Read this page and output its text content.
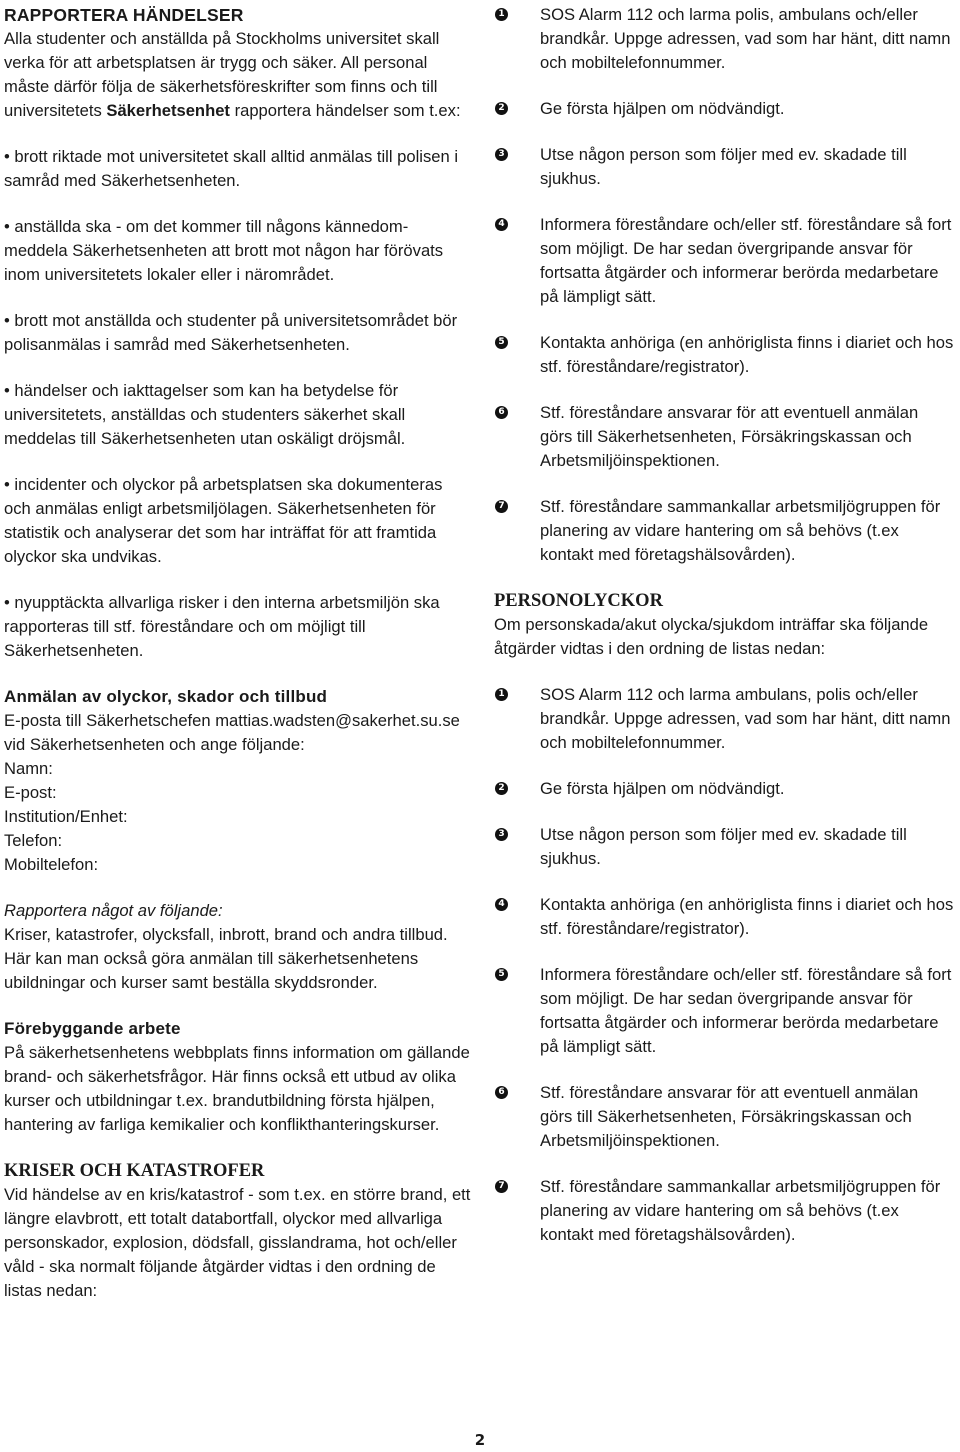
RAPPORTERA HÄNDELSER

Alla studenter och anställda på Stockholms universitet skall verka för att arbetsplatsen är trygg och säker. All personal måste därför följa de säkerhetsföreskrifter som finns och till universitetets Säkerhetsenhet rapportera händelser som t.ex:

• brott riktade mot universitetet skall alltid anmälas till polisen i samråd med Säkerhetsenheten.
• anställda ska - om det kommer till någons kännedom- meddela Säkerhetsenheten att brott mot någon har förövats inom universitetets lokaler eller i närområdet.
• brott mot anställda och studenter på universitetsområdet bör polisanmälas i samråd med Säkerhetsenheten.
• händelser och iakttagelser som kan ha betydelse för universitetets, anställdas och studenters säkerhet skall meddelas till Säkerhetsenheten utan oskäligt dröjsmål.
• incidenter och olyckor på arbetsplatsen ska dokumenteras och anmälas enligt arbetsmiljölagen. Säkerhetsenheten för statistik och analyserar det som har inträffat för att framtida olyckor ska undvikas.
• nyupptäckta allvarliga risker i den interna arbetsmiljön ska rapporteras till stf. föreståndare och om möjligt till Säkerhetsenheten.
Anmälan av olyckor, skador och tillbud
E-posta till Säkerhetschefen mattias.wadsten@sakerhet.su.se vid Säkerhetsenheten och ange följande:
Namn:
E-post:
Institution/Enhet:
Telefon:
Mobiltelefon:
Rapportera något av följande:

Kriser, katastrofer, olycksfall, inbrott, brand och andra tillbud. Här kan man också göra anmälan till säkerhetsenhetens ubildningar och kurser samt beställa skyddsronder.

Förebyggande arbete

På säkerhetsenhetens webbplats finns information om gällande brand- och säkerhetsfrågor. Här finns också ett utbud av olika kurser och utbildningar t.ex. brandutbildning första hjälpen, hantering av farliga kemikalier och konflikthanteringskurser.

KRISER OCH KATASTROFER

Vid händelse av en kris/katastrof - som t.ex. en större brand, ett längre elavbrott, ett totalt databortfall, olyckor med allvarliga personskador, explosion, dödsfall, gisslandrama, hot och/eller våld - ska normalt följande åtgärder vidtas i den ordning de listas nedan:

1 SOS Alarm 112 och larma polis, ambulans och/eller brandkår. Uppge adressen, vad som har hänt, ditt namn och mobiltelefonnummer.
2 Ge första hjälpen om nödvändigt.
3 Utse någon person som följer med ev. skadade till sjukhus.
4 Informera föreståndare och/eller stf. föreståndare så fort som möjligt. De har sedan övergripande ansvar för fortsatta åtgärder och informerar berörda medarbetare på lämpligt sätt.
5 Kontakta anhöriga (en anhöriglista finns i diariet och hos stf. föreståndare/registrator).
6 Stf. föreståndare ansvarar för att eventuell anmälan görs till Säkerhetsenheten, Försäkringskassan och Arbetsmiljöinspektionen.
7 Stf. föreståndare sammankallar arbetsmiljögruppen för planering av vidare hantering om så behövs (t.ex kontakt med företagshälsovården).
PERSONOLYCKOR

Om personskada/akut olycka/sjukdom inträffar ska följande åtgärder vidtas i den ordning de listas nedan:

1 SOS Alarm 112 och larma ambulans, polis och/eller brandkår. Uppge adressen, vad som har hänt, ditt namn och mobiltelefonnummer.
2 Ge första hjälpen om nödvändigt.
3 Utse någon person som följer med ev. skadade till sjukhus.
4 Kontakta anhöriga (en anhöriglista finns i diariet och hos stf. föreståndare/registrator).
5 Informera föreståndare och/eller stf. föreståndare så fort som möjligt. De har sedan övergripande ansvar för fortsatta åtgärder och informerar berörda medarbetare på lämpligt sätt.
6 Stf. föreståndare ansvarar för att eventuell anmälan görs till Säkerhetsenheten, Försäkringskassan och Arbetsmiljöinspektionen.
7 Stf. föreståndare sammankallar arbetsmiljögruppen för planering av vidare hantering om så behövs (t.ex kontakt med företagshälsovården).
2
